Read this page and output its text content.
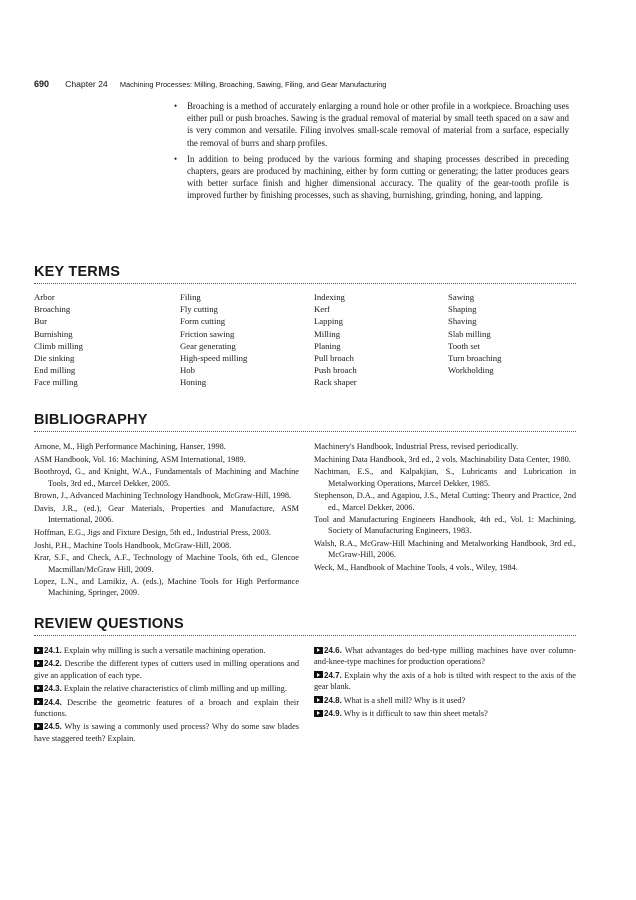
690 Chapter 24 Machining Processes: Milling, Broaching, Sawing, Filing, and Gear Manufacturing
• Broaching is a method of accurately enlarging a round hole or other profile in a workpiece. Broaching uses either pull or push broaches. Sawing is the gradual removal of material by small teeth spaced on a saw and is very common and versatile. Filing involves small-scale removal of material from a surface, especially the removal of burrs and sharp profiles.
• In addition to being produced by the various forming and shaping processes described in preceding chapters, gears are produced by machining, either by form cutting or generating; the latter produces gears with better surface finish and higher dimensional accuracy. The quality of the gear-tooth profile is improved further by finishing processes, such as shaving, burnishing, grinding, honing, and lapping.
KEY TERMS
Arbor
Broaching
Bur
Burnishing
Climb milling
Die sinking
End milling
Face milling
Filing
Fly cutting
Form cutting
Friction sawing
Gear generating
High-speed milling
Hob
Honing
Indexing
Kerf
Lapping
Milling
Planing
Pull broach
Push broach
Rack shaper
Sawing
Shaping
Shaving
Slab milling
Tooth set
Turn broaching
Workholding
BIBLIOGRAPHY

Arnone, M., High Performance Machining, Hanser, 1998.

ASM Handbook, Vol. 16: Machining, ASM International, 1989.

Boothroyd, G., and Knight, W.A., Fundamentals of Machining and Machine Tools, 3rd ed., Marcel Dekker, 2005.

Brown, J., Advanced Machining Technology Handbook, McGraw-Hill, 1998.

Davis, J.R., (ed.), Gear Materials, Properties and Manufacture, ASM International, 2006.

Hoffman, E.G., Jigs and Fixture Design, 5th ed., Industrial Press, 2003.

Joshi, P.H., Machine Tools Handbook, McGraw-Hill, 2008.

Krar, S.F., and Check, A.F., Technology of Machine Tools, 6th ed., Glencoe Macmillan/McGraw Hill, 2009.

Lopez, L.N., and Lamikiz, A. (eds.), Machine Tools for High Performance Machining, Springer, 2009.

Machinery's Handbook, Industrial Press, revised periodically.

Machining Data Handbook, 3rd ed., 2 vols. Machinability Data Center, 1980.

Nachtman, E.S., and Kalpakjian, S., Lubricants and Lubrication in Metalworking Operations, Marcel Dekker, 1985.

Stephenson, D.A., and Agapiou, J.S., Metal Cutting: Theory and Practice, 2nd ed., Marcel Dekker, 2006.

Tool and Manufacturing Engineers Handbook, 4th ed., Vol. 1: Machining, Society of Manufacturing Engineers, 1983.

Walsh, R.A., McGraw-Hill Machining and Metalworking Handbook, 3rd ed., McGraw-Hill, 2006.

Weck, M., Handbook of Machine Tools, 4 vols., Wiley, 1984.

REVIEW QUESTIONS

24.1. Explain why milling is such a versatile machining operation.

24.2. Describe the different types of cutters used in milling operations and give an application of each type.

24.3. Explain the relative characteristics of climb milling and up milling.

24.4. Describe the geometric features of a broach and explain their functions.

24.5. Why is sawing a commonly used process? Why do some saw blades have staggered teeth? Explain.

24.6. What advantages do bed-type milling machines have over column-and-knee-type machines for production operations?

24.7. Explain why the axis of a hob is tilted with respect to the axis of the gear blank.

24.8. What is a shell mill? Why is it used?

24.9. Why is it difficult to saw thin sheet metals?
